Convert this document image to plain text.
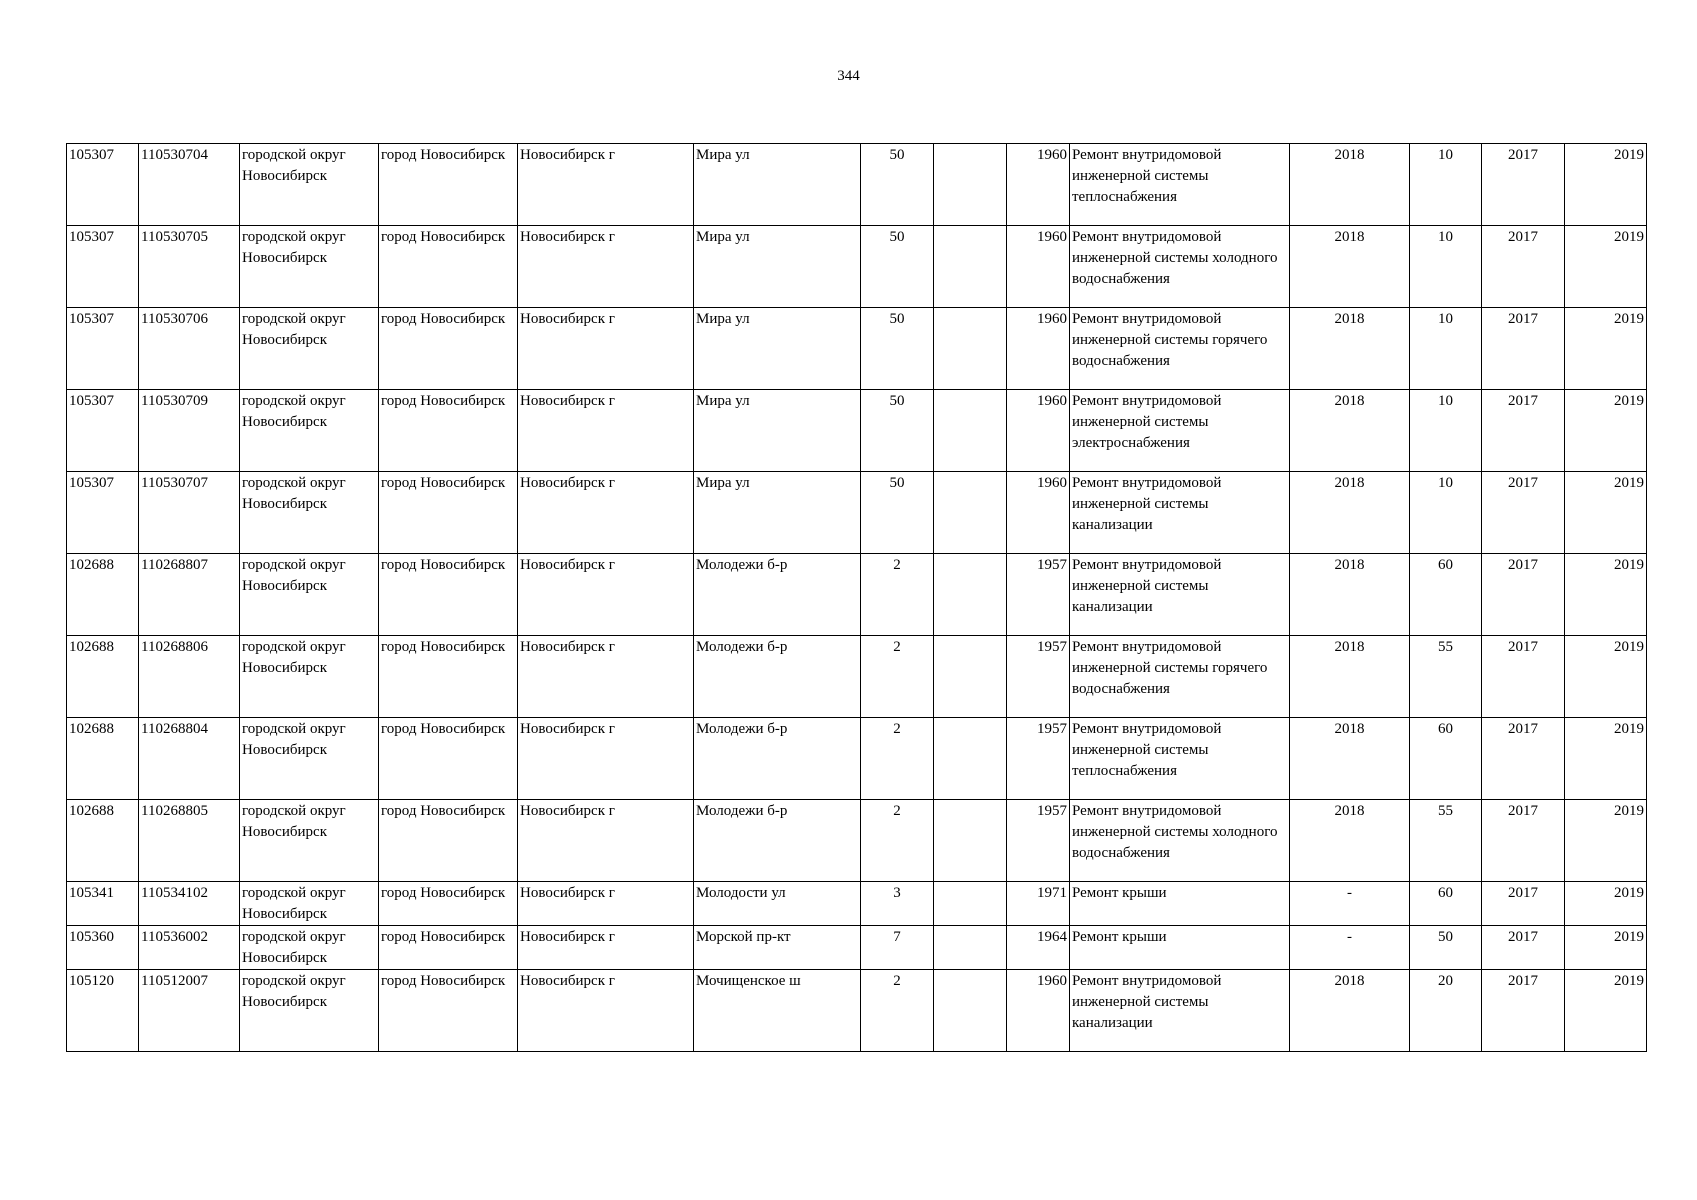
344
105307	110530704	городской округ Новосибирск	город Новосибирск	Новосибирск г	Мира ул	50		1960	Ремонт внутридомовой инженерной системы теплоснабжения	2018	10	2017	2019
105307	110530705	городской округ Новосибирск	город Новосибирск	Новосибирск г	Мира ул	50		1960	Ремонт внутридомовой инженерной системы холодного водоснабжения	2018	10	2017	2019
105307	110530706	городской округ Новосибирск	город Новосибирск	Новосибирск г	Мира ул	50		1960	Ремонт внутридомовой инженерной системы горячего водоснабжения	2018	10	2017	2019
105307	110530709	городской округ Новосибирск	город Новосибирск	Новосибирск г	Мира ул	50		1960	Ремонт внутридомовой инженерной системы электроснабжения	2018	10	2017	2019
105307	110530707	городской округ Новосибирск	город Новосибирск	Новосибирск г	Мира ул	50		1960	Ремонт внутридомовой инженерной системы канализации	2018	10	2017	2019
102688	110268807	городской округ Новосибирск	город Новосибирск	Новосибирск г	Молодежи б-р	2		1957	Ремонт внутридомовой инженерной системы канализации	2018	60	2017	2019
102688	110268806	городской округ Новосибирск	город Новосибирск	Новосибирск г	Молодежи б-р	2		1957	Ремонт внутридомовой инженерной системы горячего водоснабжения	2018	55	2017	2019
102688	110268804	городской округ Новосибирск	город Новосибирск	Новосибирск г	Молодежи б-р	2		1957	Ремонт внутридомовой инженерной системы теплоснабжения	2018	60	2017	2019
102688	110268805	городской округ Новосибирск	город Новосибирск	Новосибирск г	Молодежи б-р	2		1957	Ремонт внутридомовой инженерной системы холодного водоснабжения	2018	55	2017	2019
105341	110534102	городской округ Новосибирск	город Новосибирск	Новосибирск г	Молодости ул	3		1971	Ремонт крыши	-	60	2017	2019
105360	110536002	городской округ Новосибирск	город Новосибирск	Новосибирск г	Морской пр-кт	7		1964	Ремонт крыши	-	50	2017	2019
105120	110512007	городской округ Новосибирск	город Новосибирск	Новосибирск г	Мочищенское ш	2		1960	Ремонт внутридомовой инженерной системы канализации	2018	20	2017	2019
